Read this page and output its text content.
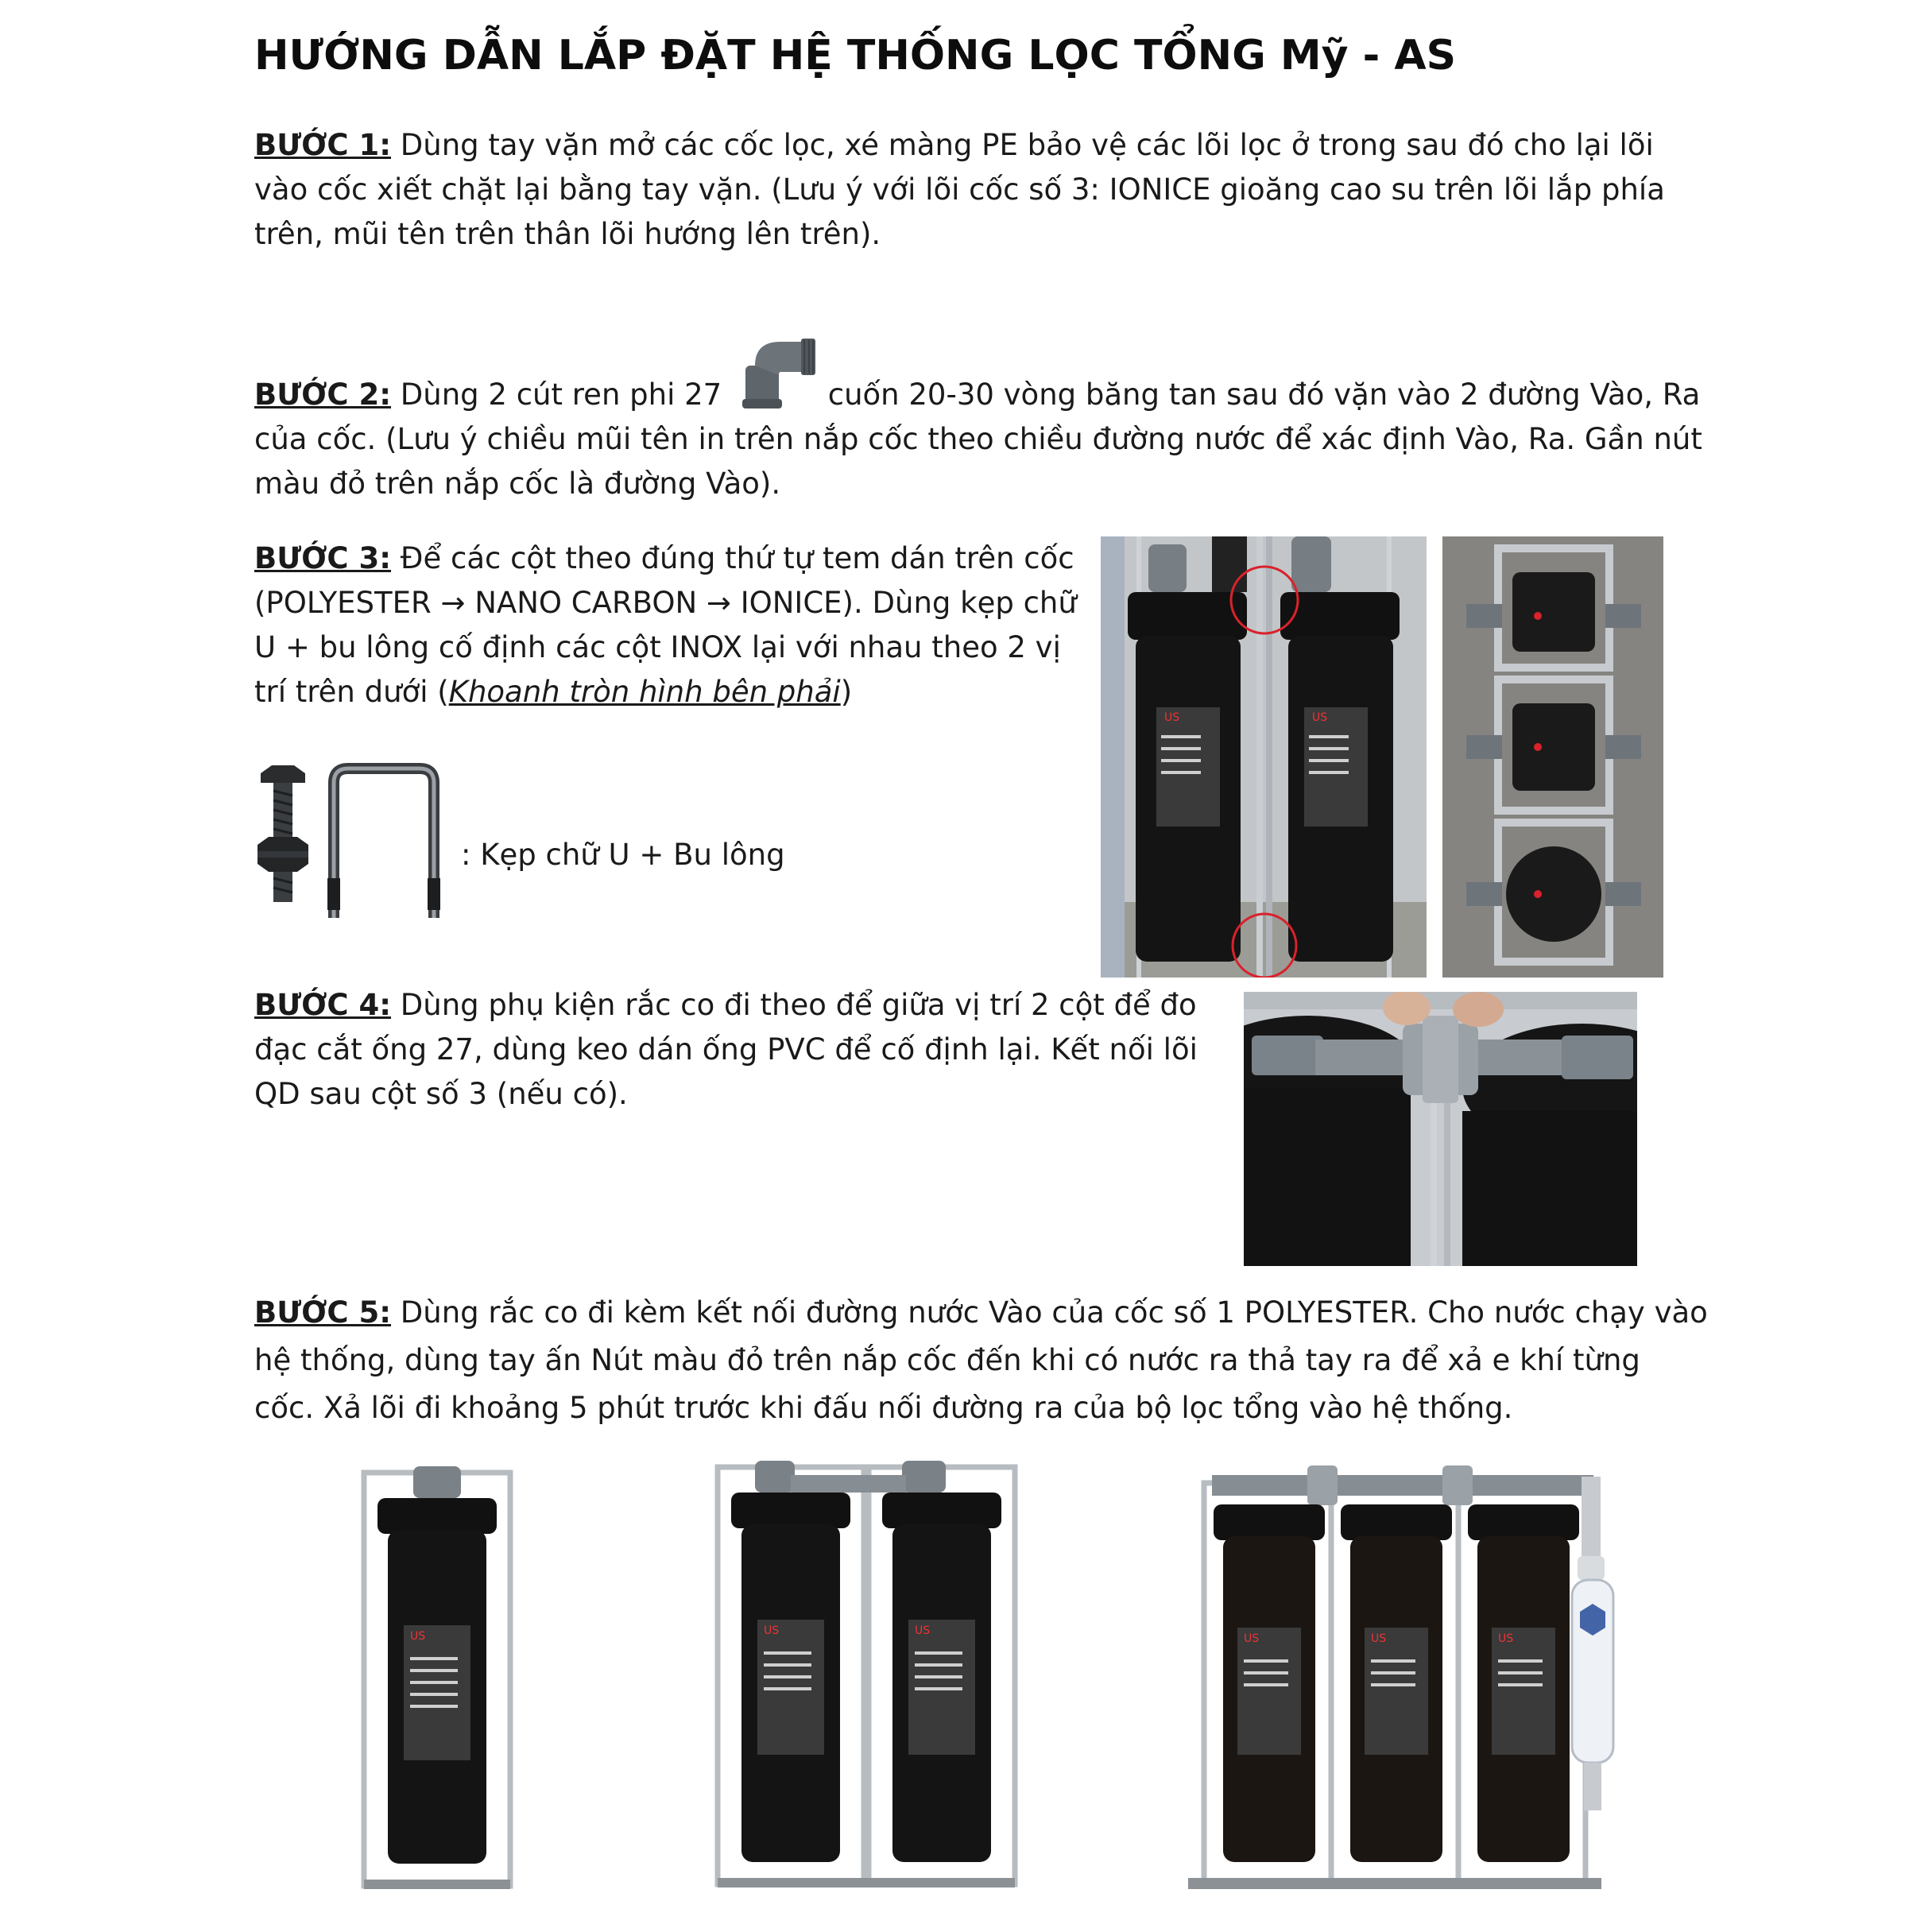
HƯỚNG DẪN LẮP ĐẶT HỆ THỐNG LỌC TỔNG Mỹ - AS

BƯỚC 1: Dùng tay vặn mở các cốc lọc, xé màng PE bảo vệ các lõi lọc ở trong sau đó cho lại lõi vào cốc xiết chặt lại bằng tay vặn. (Lưu ý với lõi cốc số 3: IONICE gioăng cao su trên lõi lắp phía trên, mũi tên trên thân lõi hướng lên trên).

BƯỚC 2: Dùng 2 cút ren phi 27	cuốn 20-30 vòng băng tan sau đó vặn vào 2 đường Vào, Ra của cốc. (Lưu ý chiều mũi tên in trên nắp cốc theo chiều đường nước để xác định Vào, Ra. Gần nút màu đỏ trên nắp cốc là đường Vào).

BƯỚC 3: Để các cột theo đúng thứ tự tem dán trên cốc (POLYESTER → NANO CARBON → IONICE). Dùng kẹp chữ U + bu lông cố định các cột INOX lại với nhau theo 2 vị trí trên dưới (Khoanh tròn hình bên phải)

: Kẹp chữ U + Bu lông
US	US

BƯỚC 4: Dùng phụ kiện rắc co đi theo để giữa vị trí 2 cột để đo đạc cắt ống 27, dùng keo dán ống PVC để cố định lại. Kết nối lõi QD sau cột số 3 (nếu có).

BƯỚC 5: Dùng rắc co đi kèm kết nối đường nước Vào của cốc số 1 POLYESTER. Cho nước chạy vào hệ thống, dùng tay ấn Nút màu đỏ trên nắp cốc đến khi có nước ra thả tay ra để xả e khí từng cốc. Xả lõi đi khoảng 5 phút trước khi đấu nối đường ra của bộ lọc tổng vào hệ thống.

US	US	US
US	US	US
